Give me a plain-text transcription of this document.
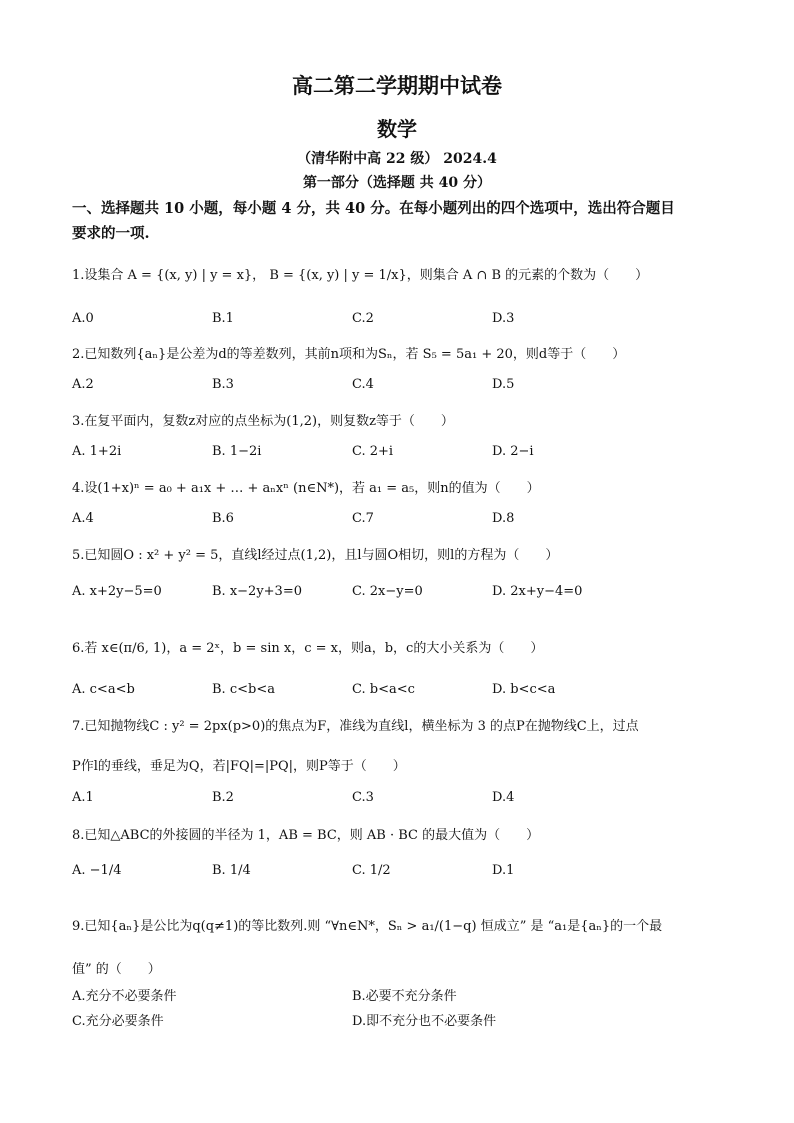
高二第二学期期中试卷
数学
（清华附中高 22 级） 2024.4
第一部分（选择题 共 40 分）
一、选择题共 10 小题，每小题 4 分，共 40 分。在每小题列出的四个选项中，选出符合题目
要求的一项.
1.设集合 A = {(x, y) | y = x}， B = {(x, y) | y = 1/x}，则集合 A ∩ B 的元素的个数为（　　）
A.0	B.1	C.2	D.3
2.已知数列{aₙ}是公差为d的等差数列，其前n项和为Sₙ，若 S₅ = 5a₁ + 20，则d等于（　　）
A.2	B.3	C.4	D.5
3.在复平面内，复数z对应的点坐标为(1,2)，则复数z等于（　　）
A. 1+2i	B. 1−2i	C. 2+i	D. 2−i
4.设(1+x)ⁿ = a₀ + a₁x + … + aₙxⁿ (n∈N*)，若 a₁ = a₅，则n的值为（　　）
A.4	B.6	C.7	D.8
5.已知圆O : x² + y² = 5，直线l经过点(1,2)，且l与圆O相切，则l的方程为（　　）
A. x+2y−5=0	B. x−2y+3=0	C. 2x−y=0	D. 2x+y−4=0
6.若 x∈(π/6, 1)，a = 2ˣ，b = sin x，c = x，则a，b，c的大小关系为（　　）
A. c<a<b	B. c<b<a	C. b<a<c	D. b<c<a
7.已知抛物线C : y² = 2px(p>0)的焦点为F，准线为直线l，横坐标为 3 的点P在抛物线C上，过点
P作l的垂线，垂足为Q，若|FQ|=|PQ|，则P等于（　　）
A.1	B.2	C.3	D.4
8.已知△ABC的外接圆的半径为 1，AB = BC，则 AB · BC 的最大值为（　　）
A. −1/4	B. 1/4	C. 1/2	D.1
9.已知{aₙ}是公比为q(q≠1)的等比数列.则 “∀n∈N*，Sₙ > a₁/(1−q) 恒成立” 是 “a₁是{aₙ}的一个最
值” 的（　　）
A.充分不必要条件	B.必要不充分条件
C.充分必要条件	D.即不充分也不必要条件
